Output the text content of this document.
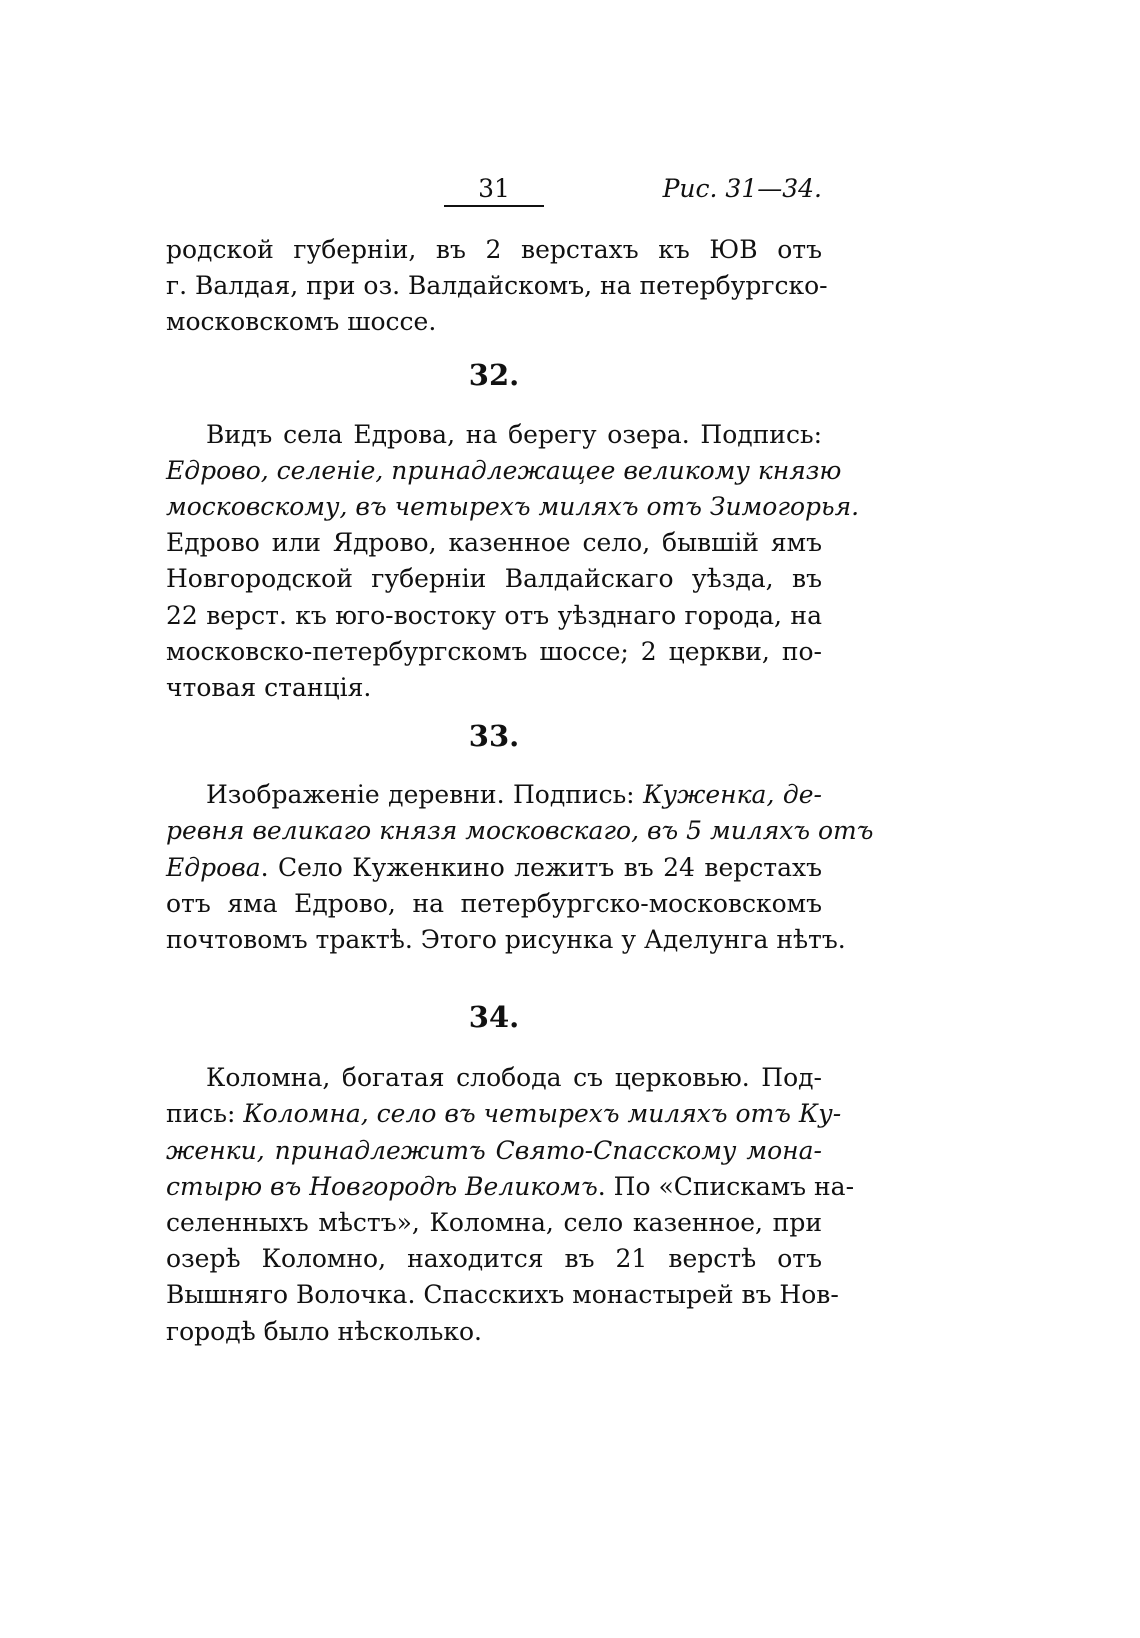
31	Рис. 31—34.

родской губерніи, въ 2 верстахъ къ ЮВ отъ
г. Валдая, при оз. Валдайскомъ, на петербургско-
московскомъ шоссе.

32.

Видъ села Едрова, на берегу озера. Подпись:
Едрово, селеніе, принадлежащее великому князю
московскому, въ четырехъ миляхъ отъ Зимогорья.
Едрово или Ядрово, казенное село, бывшій ямъ
Новгородской губерніи Валдайскаго уѣзда, въ
22 верст. къ юго-востоку отъ уѣзднаго города, на
московско-петербургскомъ шоссе; 2 церкви, по-
чтовая станція.

33.

Изображеніе деревни. Подпись: Куженка, де-
ревня великаго князя московскаго, въ 5 миляхъ отъ
Едрова. Село Куженкино лежитъ въ 24 верстахъ
отъ яма Едрово, на петербургско-московскомъ
почтовомъ трактѣ. Этого рисунка у Аделунга нѣтъ.

34.

Коломна, богатая слобода съ церковью. Под-
пись: Коломна, село въ четырехъ миляхъ отъ Ку-
женки, принадлежитъ Свято-Спасскому мона-
стырю въ Новгородѣ Великомъ. По «Спискамъ на-
селенныхъ мѣстъ», Коломна, село казенное, при
озерѣ Коломно, находится въ 21 верстѣ отъ
Вышняго Волочка. Спасскихъ монастырей въ Нов-
городѣ было нѣсколько.
